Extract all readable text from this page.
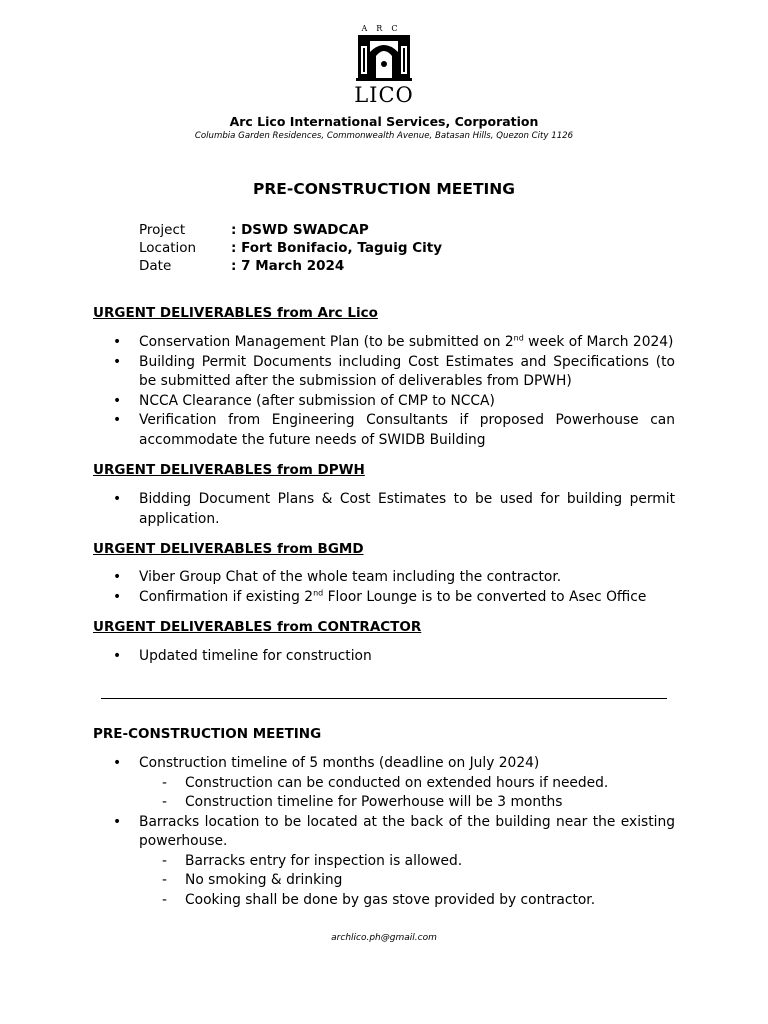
ARC
LICO
Arc Lico International Services, Corporation
Columbia Garden Residences, Commonwealth Avenue, Batasan Hills, Quezon City 1126
PRE-CONSTRUCTION MEETING
Project	: DSWD SWADCAP
Location	: Fort Bonifacio, Taguig City
Date	: 7 March 2024
URGENT DELIVERABLES from Arc Lico
• Conservation Management Plan (to be submitted on 2nd week of March 2024)
• Building Permit Documents including Cost Estimates and Specifications (to be submitted after the submission of deliverables from DPWH)
• NCCA Clearance (after submission of CMP to NCCA)
• Verification from Engineering Consultants if proposed Powerhouse can accommodate the future needs of SWIDB Building
URGENT DELIVERABLES from DPWH
• Bidding Document Plans & Cost Estimates to be used for building permit application.
URGENT DELIVERABLES from BGMD
• Viber Group Chat of the whole team including the contractor.
• Confirmation if existing 2nd Floor Lounge is to be converted to Asec Office
URGENT DELIVERABLES from CONTRACTOR
• Updated timeline for construction
PRE-CONSTRUCTION MEETING
• Construction timeline of 5 months (deadline on July 2024)
- Construction can be conducted on extended hours if needed.
- Construction timeline for Powerhouse will be 3 months
• Barracks location to be located at the back of the building near the existing powerhouse.
- Barracks entry for inspection is allowed.
- No smoking & drinking
- Cooking shall be done by gas stove provided by contractor.
archlico.ph@gmail.com
